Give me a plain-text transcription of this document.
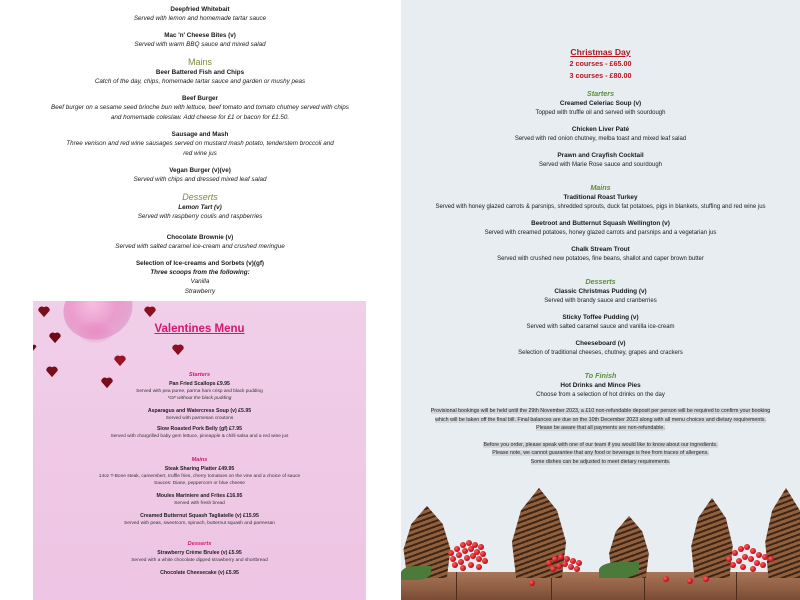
Deepfried Whitebait
Served with lemon and homemade tartar sauce
Mac 'n' Cheese Bites (v)
Served with warm BBQ sauce and mixed salad
Mains
Beer Battered Fish and Chips
Catch of the day, chips, homemade tartar sauce and garden or mushy peas
Beef Burger
Beef burger on a sesame seed brioche bun with lettuce, beef tomato and tomato chutney served with chips
and homemade coleslaw. Add cheese for £1 or bacon for £1.50.
Sausage and Mash
Three venison and red wine sausages served on mustard mash potato, tenderstem broccoli and
red wine jus
Vegan Burger (v)(ve)
Served with chips and dressed mixed leaf salad
Desserts
Lemon Tart (v)
Served with raspberry coulis and raspberries
Chocolate Brownie (v)
Served with salted caramel ice-cream and crushed meringue
Selection of Ice-creams and Sorbets (v)(gf)
Three scoops from the following:
Vanilla
Strawberry
Valentines Menu
Starters
Pan Fried Scallops £9.95
Served with pea puree, parma ham crisp and black pudding
*GF without the black pudding
Asparagus and Watercress Soup (v) £5.95
Served with parmesan croutons
Slow Roasted Pork Belly (gf) £7.95
Served with chargrilled baby gem lettuce, pineapple & chilli salsa and a red wine jus
Mains
Steak Sharing Platter £49.95
14oz T-Bone steak, camembert, truffle fries, cherry tomatoes on the vine and a choice of sauce
Sauces: Diane, peppercorn or blue cheese
Moules Mariniere and Frites £16.95
Served with fresh bread
Creamed Butternut Squash Tagliatelle (v) £15.95
Served with peas, sweetcorn, spinach, butternut squash and parmesan
Desserts
Strawberry Crème Brulee (v) £5.95
Served with a white chocolate dipped strawberry and shortbread
Chocolate Cheesecake (v) £5.95
Christmas Day
2 courses - £65.00
3 courses - £80.00
Starters
Creamed Celeriac Soup (v)
Topped with truffle oil and served with sourdough
Chicken Liver Paté
Served with red onion chutney, melba toast and mixed leaf salad
Prawn and Crayfish Cocktail
Served with Marie Rose sauce and sourdough
Mains
Traditional Roast Turkey
Served with honey glazed carrots & parsnips, shredded sprouts, duck fat potatoes, pigs in blankets, stuffing and red wine jus
Beetroot and Butternut Squash Wellington (v)
Served with creamed potatoes, honey glazed carrots and parsnips and a vegetarian jus
Chalk Stream Trout
Served with crushed new potatoes, fine beans, shallot and caper brown butter
Desserts
Classic Christmas Pudding (v)
Served with brandy sauce and cranberries
Sticky Toffee Pudding (v)
Served with salted caramel sauce and vanilla ice-cream
Cheeseboard (v)
Selection of traditional cheeses, chutney, grapes and crackers
To Finish
Hot Drinks and Mince Pies
Choose from a selection of hot drinks on the day
Provisional bookings will be held until the 29th November 2023, a £10 non-refundable deposit per person will be required to confirm your booking which will be taken off the final bill. Final balances are due on the 10th December 2023 along with all menu choices and dietary requirements. Please be aware that all payments are non-refundable.
Before you order, please speak with one of our team if you would like to know about our ingredients.
Please note, we cannot guarantee that any food or beverage is free from traces of allergens.
Some dishes can be adjusted to meet dietary requirements.
